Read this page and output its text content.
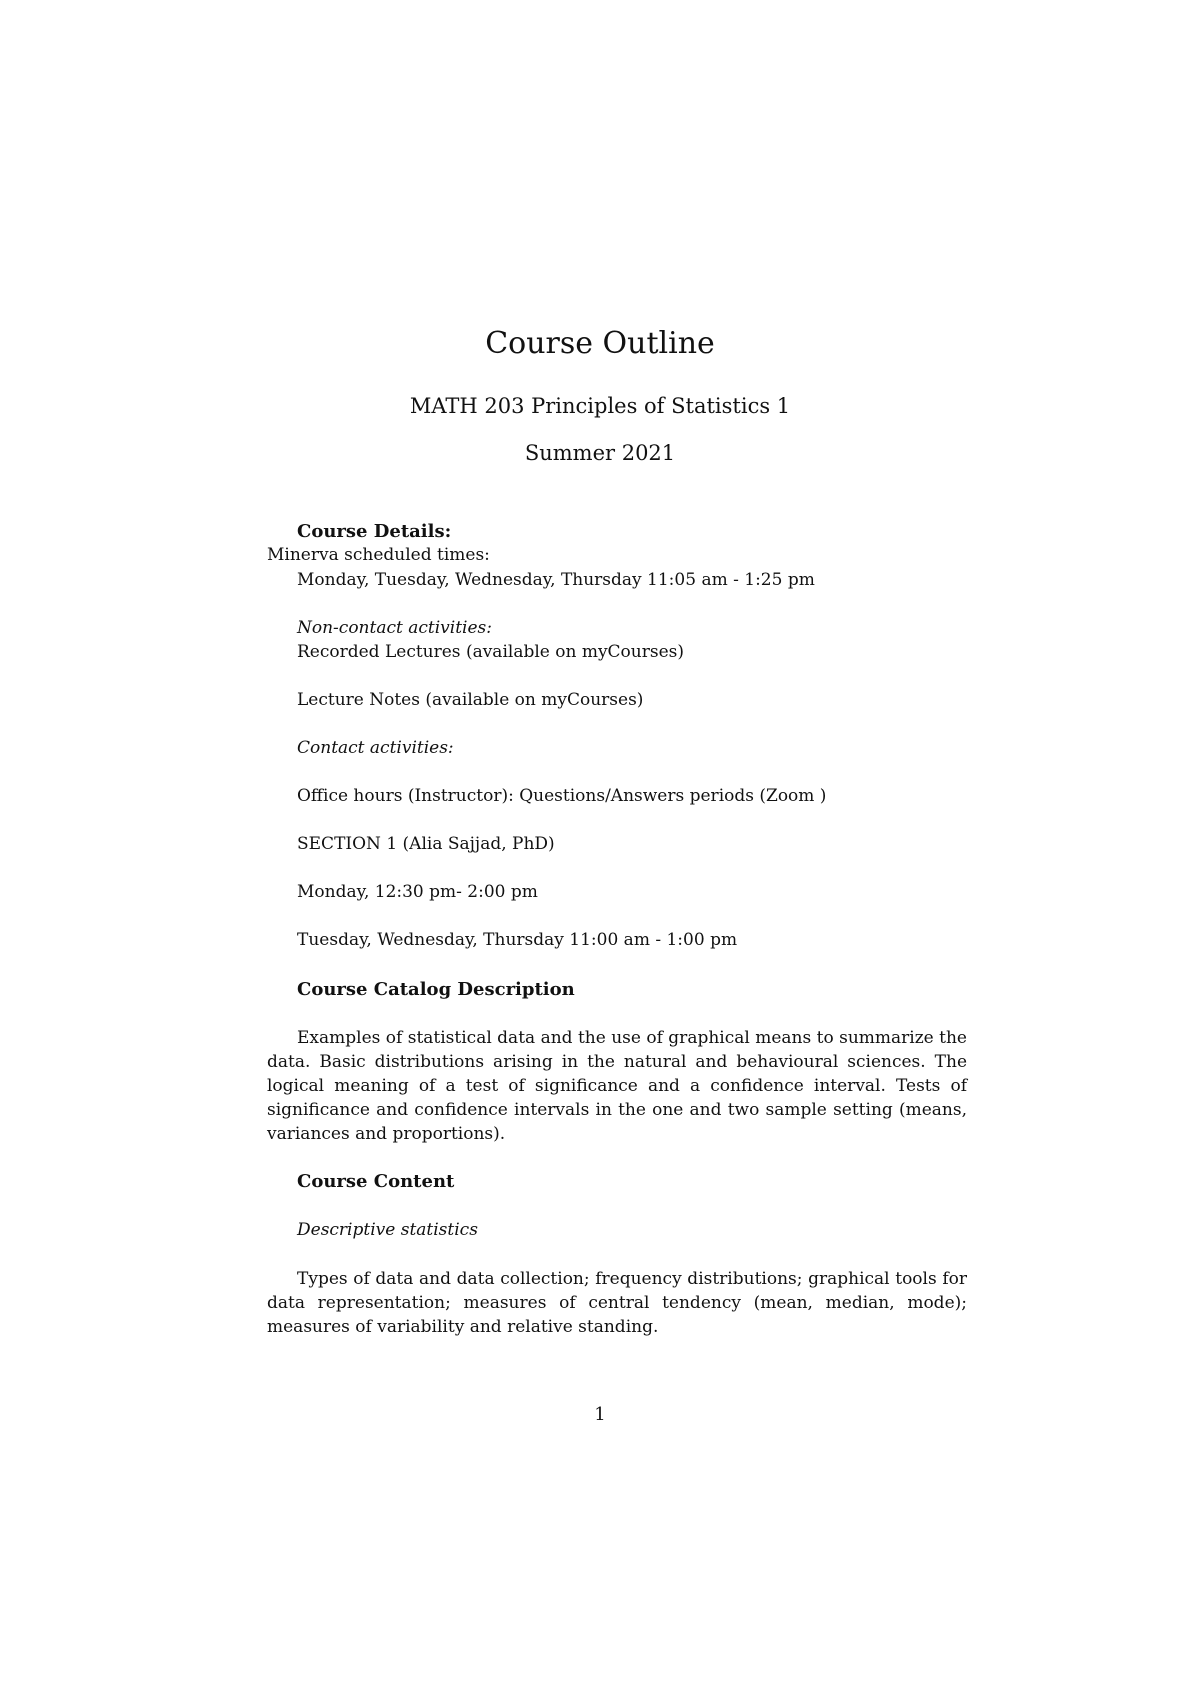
Course Outline
MATH 203 Principles of Statistics 1
Summer 2021
Course Details:
Minerva scheduled times:
Monday, Tuesday, Wednesday, Thursday 11:05 am - 1:25 pm
Non-contact activities:
Recorded Lectures (available on myCourses)
Lecture Notes (available on myCourses)
Contact activities:
Office hours (Instructor): Questions/Answers periods (Zoom )
SECTION 1 (Alia Sajjad, PhD)
Monday, 12:30 pm- 2:00 pm
Tuesday, Wednesday, Thursday 11:00 am - 1:00 pm
Course Catalog Description
Examples of statistical data and the use of graphical means to summarize the data. Basic distributions arising in the natural and behavioural sciences. The logical meaning of a test of significance and a confidence interval. Tests of significance and confidence intervals in the one and two sample setting (means, variances and proportions).
Course Content
Descriptive statistics
Types of data and data collection; frequency distributions; graphical tools for data representation; measures of central tendency (mean, median, mode); measures of variability and relative standing.
1
